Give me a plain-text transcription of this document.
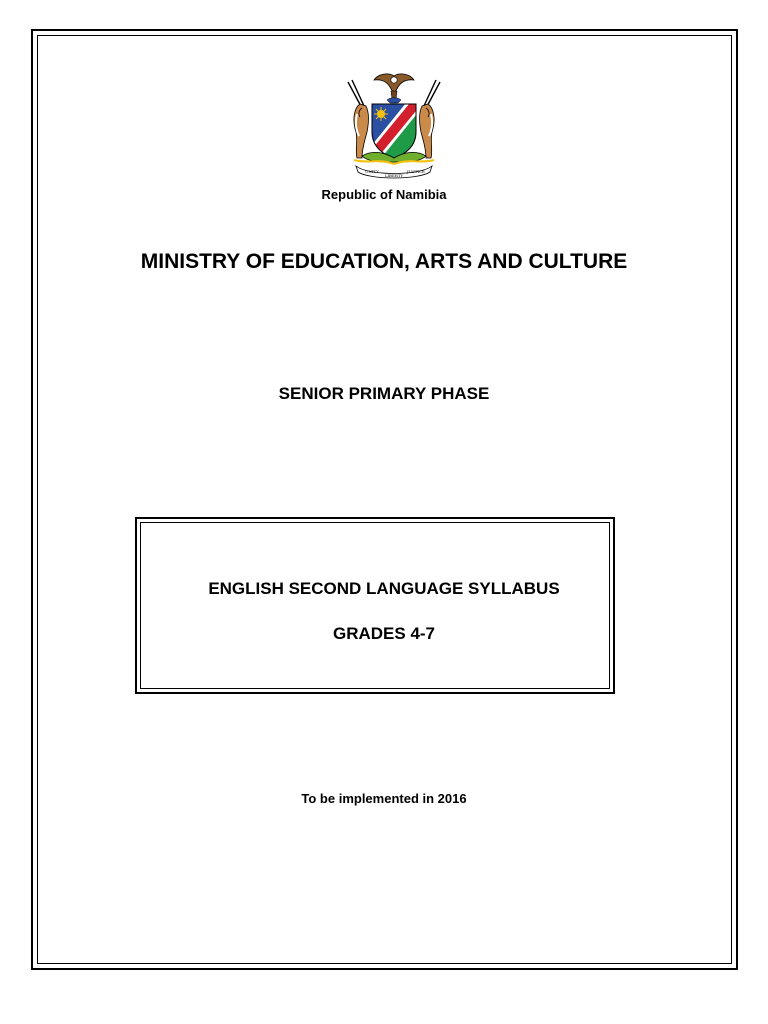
UNITY
LIBERTY
JUSTICE
Republic of Namibia
MINISTRY OF EDUCATION, ARTS AND CULTURE
SENIOR PRIMARY PHASE
ENGLISH SECOND LANGUAGE SYLLABUS
GRADES 4-7
To be implemented in 2016
